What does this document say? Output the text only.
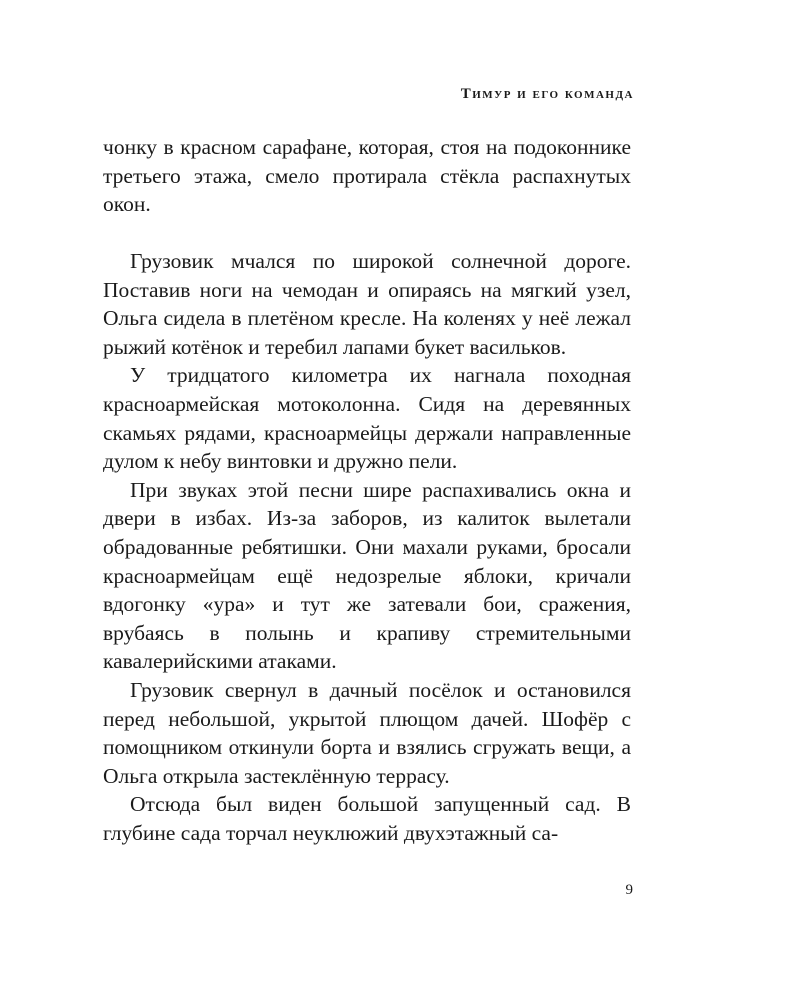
Тимур и его команда

чонку в красном сарафане, которая, стоя на подоконнике третьего этажа, смело протирала стёкла распахнутых окон.

Грузовик мчался по широкой солнечной дороге. Поставив ноги на чемодан и опираясь на мягкий узел, Ольга сидела в плетёном кресле. На коленях у неё лежал рыжий котёнок и теребил лапами букет васильков.

У тридцатого километра их нагнала походная красноармейская мотоколонна. Сидя на деревянных скамьях рядами, красноармейцы держали направленные дулом к небу винтовки и дружно пели.

При звуках этой песни шире распахивались окна и двери в избах. Из-за заборов, из калиток вылетали обрадованные ребятишки. Они махали руками, бросали красноармейцам ещё недозрелые яблоки, кричали вдогонку «ура» и тут же затевали бои, сражения, врубаясь в полынь и крапиву стремительными кавалерийскими атаками.

Грузовик свернул в дачный посёлок и остановился перед небольшой, укрытой плющом дачей. Шофёр с помощником откинули борта и взялись сгружать вещи, а Ольга открыла застеклённую террасу.

Отсюда был виден большой запущенный сад. В глубине сада торчал неуклюжий двухэтажный са-

9
